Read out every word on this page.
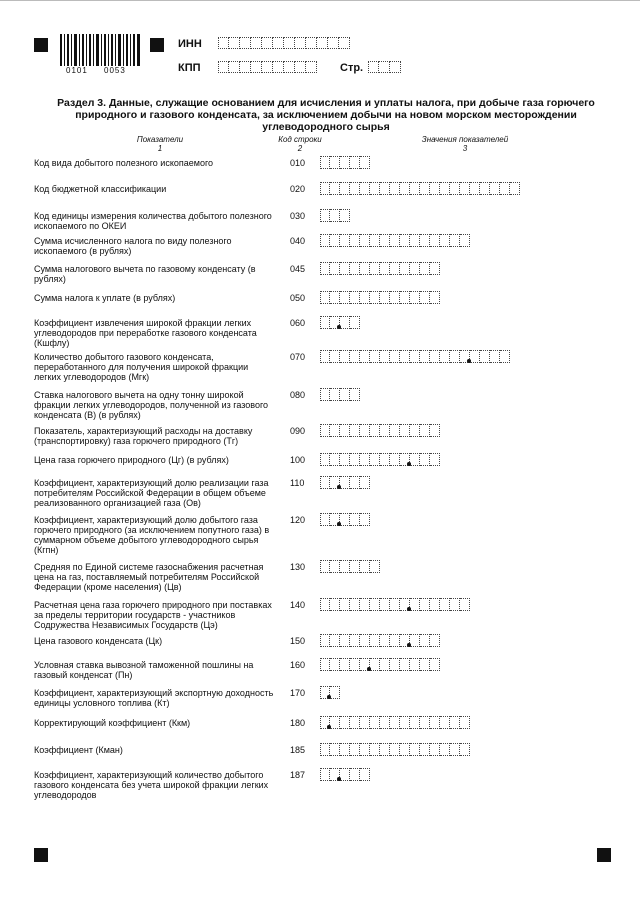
0101 0053
ИНН
КПП	Стр.
Раздел 3. Данные, служащие основанием для исчисления и уплаты налога, при добыче газа горючего природного и газового конденсата, за исключением добычи на новом морском месторождении углеводородного сырья
Показатели
1
Код строки
2
Значения показателей
3
Код вида добытого полезного ископаемого	010
Код бюджетной классификации	020
Код единицы измерения количества добытого полезного ископаемого по ОКЕИ
030
Сумма исчисленного налога по виду полезного ископаемого (в рублях)
040
Сумма налогового вычета по газовому конденсату (в рублях)
045
Сумма налога к уплате (в рублях)	050
Коэффициент извлечения широкой фракции легких углеводородов при переработке газового конденсата (Кшфлу)
060
Количество добытого газового конденсата, переработанного для получения широкой фракции легких углеводородов (Мгк)
070
Ставка налогового вычета на одну тонну широкой фракции легких углеводородов, полученной из газового конденсата (В) (в рублях)
080
Показатель, характеризующий расходы на доставку (транспортировку) газа горючего природного (Тг)
090
Цена газа горючего природного (Цг) (в рублях)	100
Коэффициент, характеризующий долю реализации газа потребителям Российской Федерации в общем объеме реализованного организацией газа (Ов)
110
Коэффициент, характеризующий долю добытого газа горючего природного (за исключением попутного газа) в суммарном объеме добытого углеводородного сырья (Кгпн)
120
Средняя по Единой системе газоснабжения расчетная цена на газ, поставляемый потребителям Российской Федерации (кроме населения) (Цв)
130
Расчетная цена газа горючего природного при поставках за пределы территории государств - участников Содружества Независимых Государств (Цэ)
140
Цена газового конденсата (Цк)	150
Условная ставка вывозной таможенной пошлины на газовый конденсат (Пн)
160
Коэффициент, характеризующий экспортную доходность единицы условного топлива (Кт)
170
Корректирующий коэффициент (Ккм)	180
Коэффициент (Кман)	185
Коэффициент, характеризующий количество добытого газового конденсата без учета широкой фракции легких углеводородов
187
